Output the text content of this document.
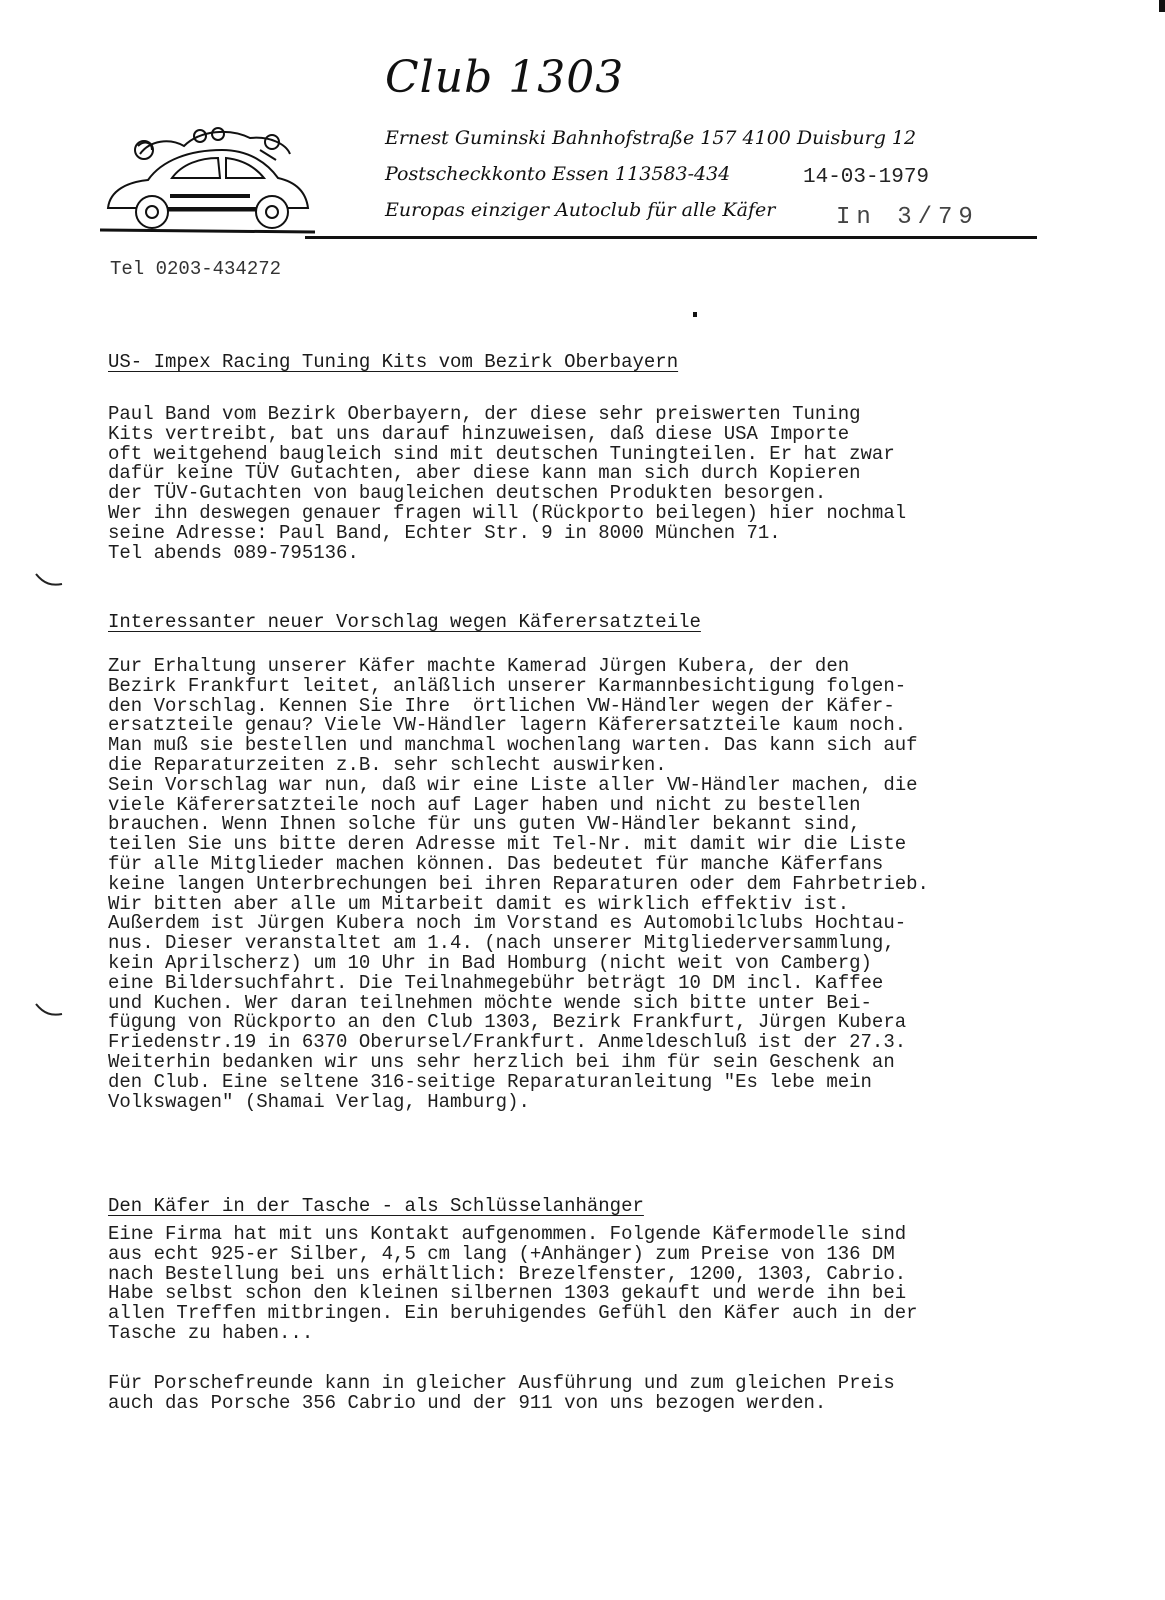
Club 1303
Ernest Guminski Bahnhofstraße 157 4100 Duisburg 12
Postscheckkonto Essen 113583-434	14-03-1979
Europas einziger Autoclub für alle Käfer	In 3/79
Tel 0203-434272
US- Impex Racing Tuning Kits vom Bezirk Oberbayern
Paul Band vom Bezirk Oberbayern, der diese sehr preiswerten Tuning
Kits vertreibt, bat uns darauf hinzuweisen, daß diese USA Importe
oft weitgehend baugleich sind mit deutschen Tuningteilen. Er hat zwar
dafür keine TÜV Gutachten, aber diese kann man sich durch Kopieren
der TÜV-Gutachten von baugleichen deutschen Produkten besorgen.
Wer ihn deswegen genauer fragen will (Rückporto beilegen) hier nochmal
seine Adresse: Paul Band, Echter Str. 9 in 8000 München 71.
Tel abends 089-795136.
Interessanter neuer Vorschlag wegen Käferersatzteile
Zur Erhaltung unserer Käfer machte Kamerad Jürgen Kubera, der den
Bezirk Frankfurt leitet, anläßlich unserer Karmannbesichtigung folgen-
den Vorschlag. Kennen Sie Ihre  örtlichen VW-Händler wegen der Käfer-
ersatzteile genau? Viele VW-Händler lagern Käferersatzteile kaum noch.
Man muß sie bestellen und manchmal wochenlang warten. Das kann sich auf
die Reparaturzeiten z.B. sehr schlecht auswirken.
Sein Vorschlag war nun, daß wir eine Liste aller VW-Händler machen, die
viele Käferersatzteile noch auf Lager haben und nicht zu bestellen
brauchen. Wenn Ihnen solche für uns guten VW-Händler bekannt sind,
teilen Sie uns bitte deren Adresse mit Tel-Nr. mit damit wir die Liste
für alle Mitglieder machen können. Das bedeutet für manche Käferfans
keine langen Unterbrechungen bei ihren Reparaturen oder dem Fahrbetrieb.
Wir bitten aber alle um Mitarbeit damit es wirklich effektiv ist.
Außerdem ist Jürgen Kubera noch im Vorstand es Automobilclubs Hochtau-
nus. Dieser veranstaltet am 1.4. (nach unserer Mitgliederversammlung,
kein Aprilscherz) um 10 Uhr in Bad Homburg (nicht weit von Camberg)
eine Bildersuchfahrt. Die Teilnahmegebühr beträgt 10 DM incl. Kaffee
und Kuchen. Wer daran teilnehmen möchte wende sich bitte unter Bei-
fügung von Rückporto an den Club 1303, Bezirk Frankfurt, Jürgen Kubera
Friedenstr.19 in 6370 Oberursel/Frankfurt. Anmeldeschluß ist der 27.3.
Weiterhin bedanken wir uns sehr herzlich bei ihm für sein Geschenk an
den Club. Eine seltene 316-seitige Reparaturanleitung "Es lebe mein
Volkswagen" (Shamai Verlag, Hamburg).
Den Käfer in der Tasche - als Schlüsselanhänger
Eine Firma hat mit uns Kontakt aufgenommen. Folgende Käfermodelle sind
aus echt 925-er Silber, 4,5 cm lang (+Anhänger) zum Preise von 136 DM
nach Bestellung bei uns erhältlich: Brezelfenster, 1200, 1303, Cabrio.
Habe selbst schon den kleinen silbernen 1303 gekauft und werde ihn bei
allen Treffen mitbringen. Ein beruhigendes Gefühl den Käfer auch in der
Tasche zu haben...
Für Porschefreunde kann in gleicher Ausführung und zum gleichen Preis
auch das Porsche 356 Cabrio und der 911 von uns bezogen werden.
